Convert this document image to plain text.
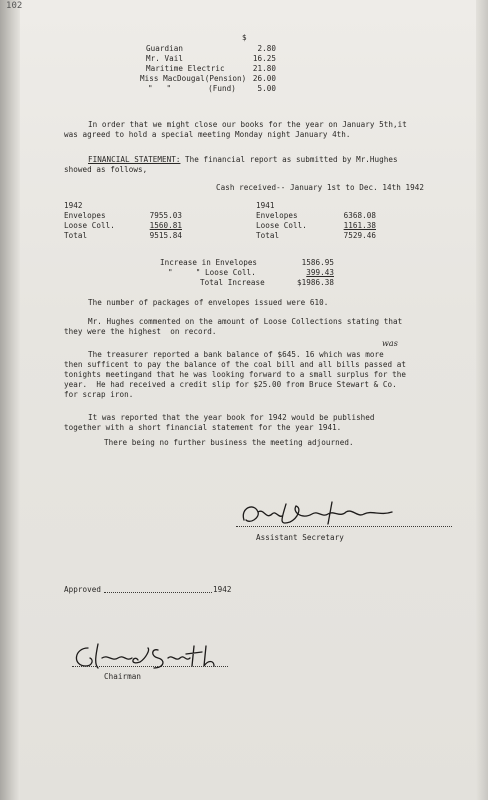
102
$
Guardian	2.80
Mr. Vail	16.25
Maritime Electric	21.80
Miss MacDougal(Pension) 26.00
"   "        (Fund)	5.00
In order that we might close our books for the year on January 5th,it
was agreed to hold a special meeting Monday night January 4th.
FINANCIAL STATEMENT: The financial report as submitted by Mr.Hughes
showed as follows,
Cash received-- January 1st to Dec. 14th 1942
1942
Envelopes	7955.03
Loose Coll.	1560.81
Total	9515.84
1941
Envelopes	6368.08
Loose Coll.	1161.38
Total	7529.46
Increase in Envelopes	1586.95
"     " Loose Coll.	399.43
Total Increase	$1986.38
The number of packages of envelopes issued were 610.
Mr. Hughes commented on the amount of Loose Collections stating that
they were the highest  on record.
The treasurer reported a bank balance of $645. 16 which was more
then sufficent to pay the balance of the coal bill and all bills passed at
tonights meetingand that he was looking forward to a small surplus for the
year.  He had received a credit slip for $25.00 from Bruce Stewart & Co.
for scrap iron.
was
It was reported that the year book for 1942 would be published
together with a short financial statement for the year 1941.
There being no further business the meeting adjourned.
Assistant Secretary
Approved	1942
Chairman
